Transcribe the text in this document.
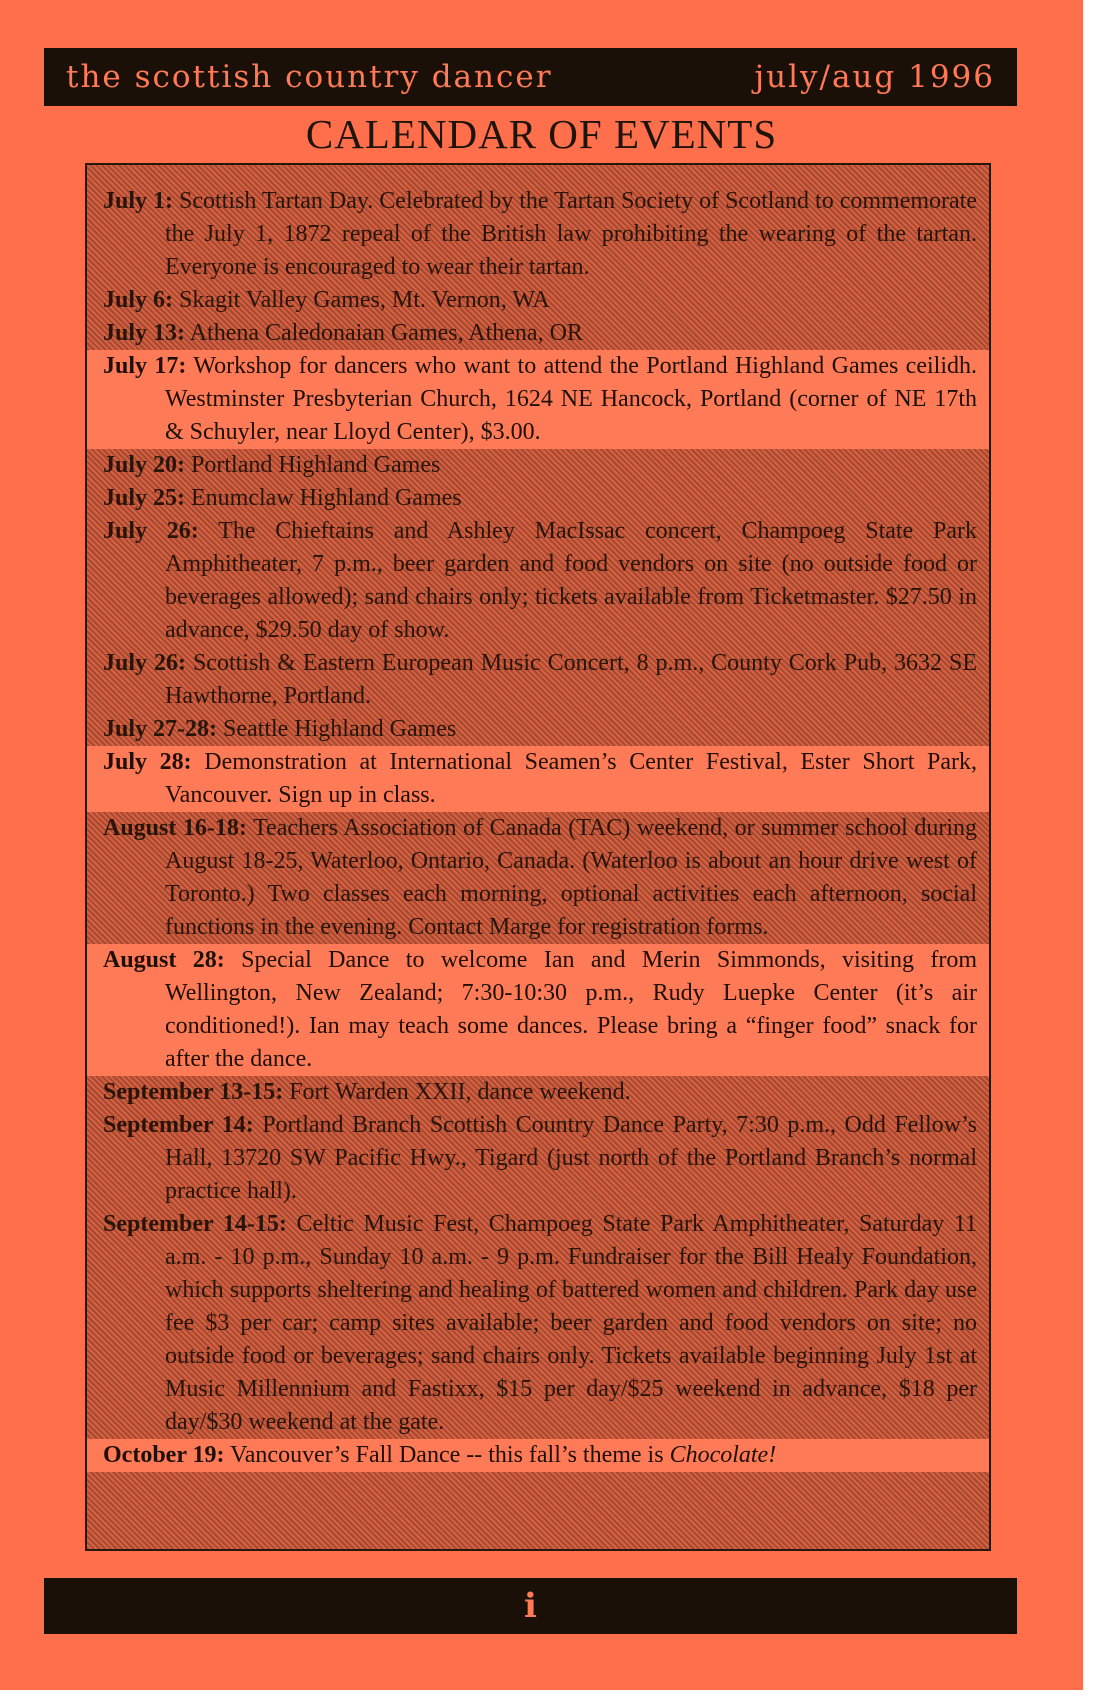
the scottish country dancer	july/aug 1996
CALENDAR OF EVENTS
July 1: Scottish Tartan Day. Celebrated by the Tartan Society of Scotland to commemorate the July 1, 1872 repeal of the British law prohibiting the wearing of the tartan. Everyone is encouraged to wear their tartan.
July 6: Skagit Valley Games, Mt. Vernon, WA
July 13: Athena Caledonaian Games, Athena, OR
July 17: Workshop for dancers who want to attend the Portland Highland Games ceilidh. Westminster Presbyterian Church, 1624 NE Hancock, Portland (corner of NE 17th & Schuyler, near Lloyd Center), $3.00.
July 20: Portland Highland Games
July 25: Enumclaw Highland Games
July 26: The Chieftains and Ashley MacIssac concert, Champoeg State Park Amphitheater, 7 p.m., beer garden and food vendors on site (no outside food or beverages allowed); sand chairs only; tickets available from Ticketmaster. $27.50 in advance, $29.50 day of show.
July 26: Scottish & Eastern European Music Concert, 8 p.m., County Cork Pub, 3632 SE Hawthorne, Portland.
July 27-28: Seattle Highland Games
July 28: Demonstration at International Seamen’s Center Festival, Ester Short Park, Vancouver. Sign up in class.
August 16-18: Teachers Association of Canada (TAC) weekend, or summer school during August 18-25, Waterloo, Ontario, Canada. (Waterloo is about an hour drive west of Toronto.) Two classes each morning, optional activities each afternoon, social functions in the evening. Contact Marge for registration forms.
August 28: Special Dance to welcome Ian and Merin Simmonds, visiting from Wellington, New Zealand; 7:30-10:30 p.m., Rudy Luepke Center (it’s air conditioned!). Ian may teach some dances. Please bring a “finger food” snack for after the dance.
September 13-15: Fort Warden XXII, dance weekend.
September 14: Portland Branch Scottish Country Dance Party, 7:30 p.m., Odd Fellow’s Hall, 13720 SW Pacific Hwy., Tigard (just north of the Portland Branch’s normal practice hall).
September 14-15: Celtic Music Fest, Champoeg State Park Amphitheater, Saturday 11 a.m. - 10 p.m., Sunday 10 a.m. - 9 p.m. Fundraiser for the Bill Healy Foundation, which supports sheltering and healing of battered women and children. Park day use fee $3 per car; camp sites available; beer garden and food vendors on site; no outside food or beverages; sand chairs only. Tickets available beginning July 1st at Music Millennium and Fastixx, $15 per day/$25 weekend in advance, $18 per day/$30 weekend at the gate.
October 19: Vancouver’s Fall Dance -- this fall’s theme is Chocolate!
i
